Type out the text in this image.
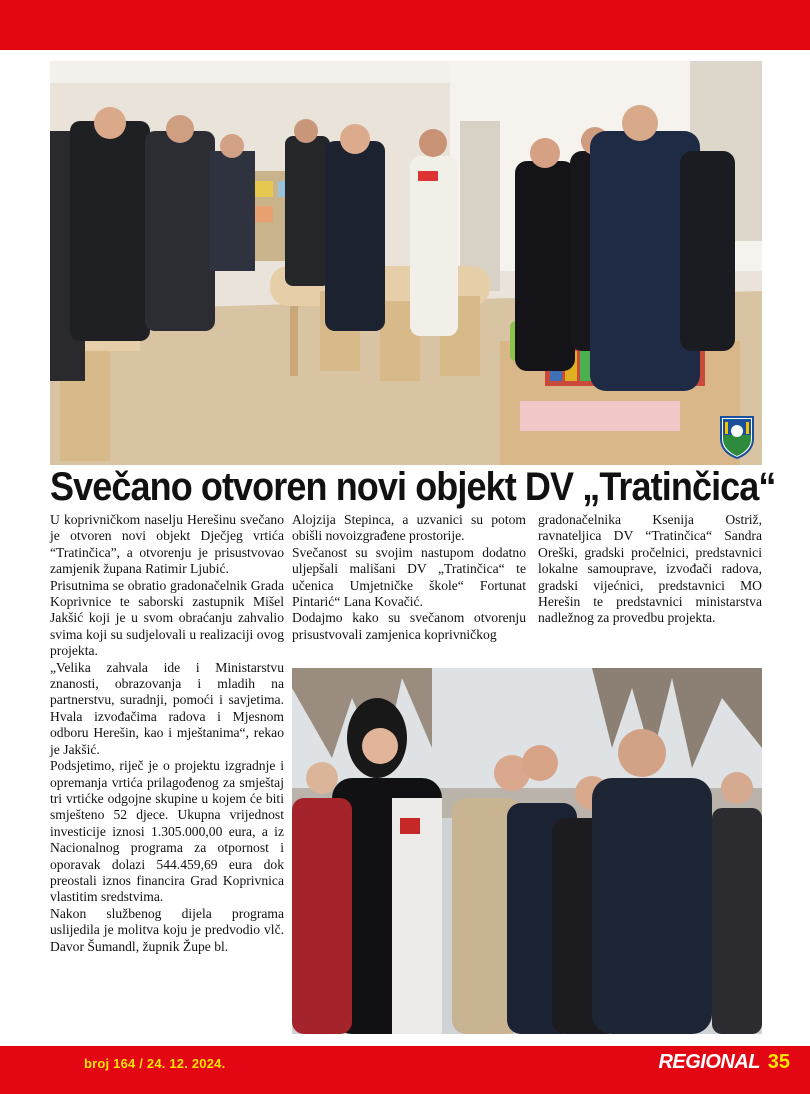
Svečano otvoren novi objekt DV „Tratinčica“

U koprivničkom naselju Herešinu svečano je otvoren novi objekt Dječjeg vrtića “Tratinčica”, a otvorenju je prisustvovao zamjenik župana Ratimir Ljubić.

Prisutnima se obratio gradonačelnik Grada Koprivnice te saborski zastupnik Mišel Jakšić koji je u svom obraćanju zahvalio svima koji su sudjelovali u realizaciji ovog projekta.

„Velika zahvala ide i Ministarstvu znanosti, obrazovanja i mladih na partnerstvu, suradnji, pomoći i savjetima. Hvala izvođačima radova i Mjesnom odboru Herešin, kao i mještanima“, rekao je Jakšić.

Podsjetimo, riječ je o projektu izgradnje i opremanja vrtića prilagođenog za smještaj tri vrtićke odgojne skupine u kojem će biti smješteno 52 djece. Ukupna vrijednost investicije iznosi 1.305.000,00 eura, a iz Nacionalnog programa za otpornost i oporavak dolazi 544.459,69 eura dok preostali iznos financira Grad Koprivnica vlastitim sredstvima.

Nakon službenog dijela programa uslijedila je molitva koju je predvodio vlč. Davor Šumandl, župnik Župe bl.

Alojzija Stepinca, a uzvanici su potom obišli novoizgrađene prostorije.

Svečanost su svojim nastupom dodatno uljepšali mališani DV „Tratinčica“ te učenica Umjetničke škole“ Fortunat Pintarić“ Lana Kovačić.

Dodajmo kako su svečanom otvorenju prisustvovali zamjenica koprivničkog

gradonačelnika Ksenija Ostriž, ravnateljica DV “Tratinčica“ Sandra Oreški, gradski pročelnici, predstavnici lokalne samouprave, izvođači radova, gradski vijećnici, predstavnici MO Herešin te predstavnici ministarstva nadležnog za provedbu projekta.

broj 164 / 24. 12. 2024.	REGIONAL 35
